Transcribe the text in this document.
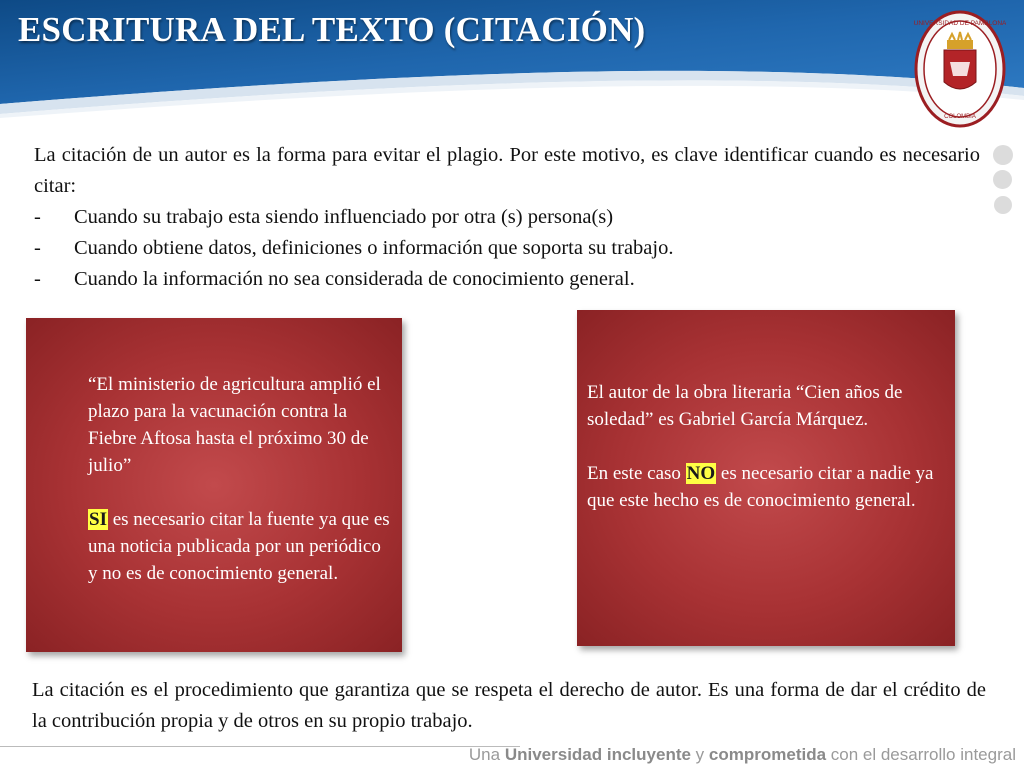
ESCRITURA DEL TEXTO (CITACIÓN)	UNIVERSIDAD DE PAMPLONA
COLOMBIA

La citación de un autor es la forma para evitar el plagio. Por este motivo, es clave identificar cuando es necesario citar:

- Cuando su trabajo esta siendo influenciado por otra (s) persona(s)
- Cuando obtiene datos, definiciones o información que soporta su trabajo.
- Cuando la información no sea considerada de conocimiento general.

“El ministerio de agricultura amplió el plazo para la vacunación contra la Fiebre Aftosa hasta el próximo 30 de julio”

SI es necesario citar la fuente ya que es una noticia publicada por un periódico y no es de conocimiento general.

El autor de la obra literaria “Cien años de soledad” es Gabriel García Márquez.

En este caso NO es necesario citar a nadie ya que este hecho es de conocimiento general.

La citación es el procedimiento que garantiza que se respeta el derecho de autor. Es una forma de dar el crédito de la contribución propia y de otros en su propio trabajo.

Una Universidad incluyente y comprometida con el desarrollo integral
